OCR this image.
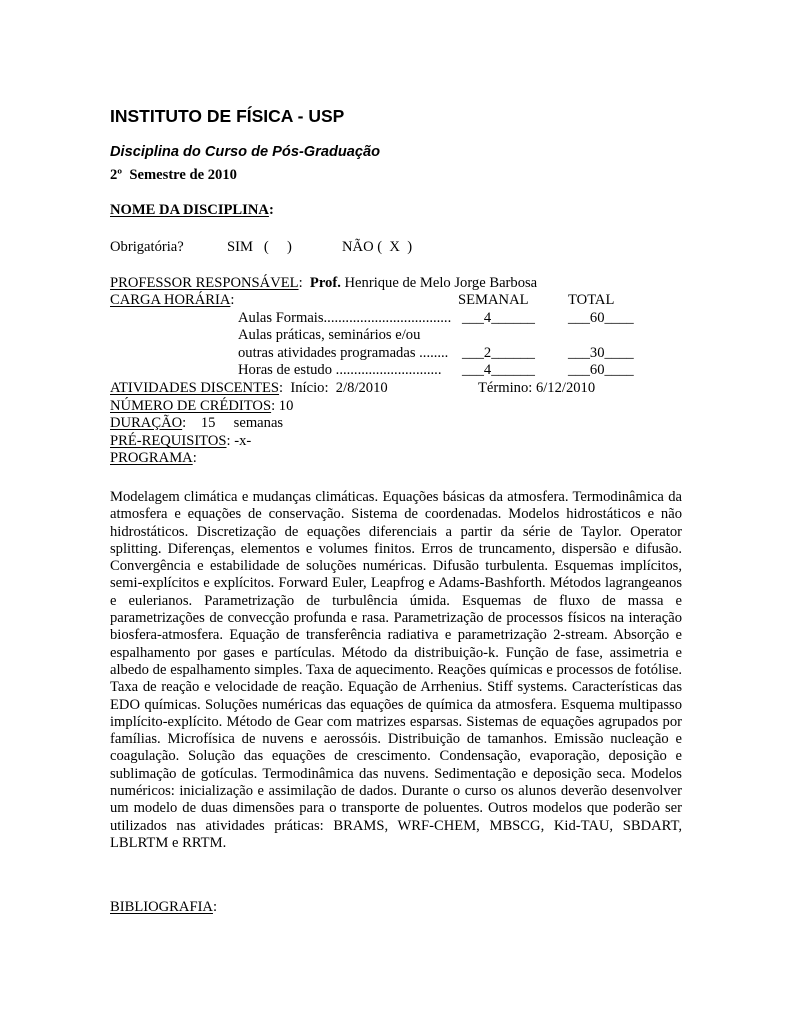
INSTITUTO DE FÍSICA - USP
Disciplina do Curso de Pós-Graduação
2º  Semestre de 2010
NOME DA DISCIPLINA:
Obrigatória?	SIM   (     )	NÃO (  X  )
PROFESSOR RESPONSÁVEL: Prof. Henrique de Melo Jorge Barbosa
CARGA HORÁRIA:	SEMANAL	TOTAL
Aulas Formais................................... ___4______ ___60____
Aulas práticas, seminários e/ou
outras atividades programadas ........ ___2______ ___30____
Horas de estudo ............................. ___4______ ___60____
ATIVIDADES DISCENTES:  Início:  2/8/2010	Término: 6/12/2010
NÚMERO DE CRÉDITOS: 10
DURAÇÃO:    15     semanas
PRÉ-REQUISITOS: -x-
PROGRAMA:
Modelagem climática e mudanças climáticas. Equações básicas da atmosfera. Termodinâmica da atmosfera e equações de conservação. Sistema de coordenadas. Modelos hidrostáticos e não hidrostáticos. Discretização de equações diferenciais a partir da série de Taylor. Operator splitting. Diferenças, elementos e volumes finitos. Erros de truncamento, dispersão e difusão. Convergência e estabilidade de soluções numéricas. Difusão turbulenta. Esquemas implícitos, semi-explícitos e explícitos. Forward Euler, Leapfrog e Adams-Bashforth. Métodos lagrangeanos e eulerianos. Parametrização de turbulência úmida. Esquemas de fluxo de massa e parametrizações de convecção profunda e rasa. Parametrização de processos físicos na interação biosfera-atmosfera. Equação de transferência radiativa e parametrização 2-stream. Absorção e espalhamento por gases e partículas. Método da distribuição-k. Função de fase, assimetria e albedo de espalhamento simples. Taxa de aquecimento. Reações químicas e processos de fotólise. Taxa de reação e velocidade de reação. Equação de Arrhenius. Stiff systems. Características das EDO químicas. Soluções numéricas das equações de química da atmosfera. Esquema multipasso implícito-explícito. Método de Gear com matrizes esparsas. Sistemas de equações agrupados por famílias. Microfísica de nuvens e aerossóis. Distribuição de tamanhos. Emissão nucleação e coagulação. Solução das equações de crescimento. Condensação, evaporação, deposição e sublimação de gotículas. Termodinâmica das nuvens. Sedimentação e deposição seca. Modelos numéricos: inicialização e assimilação de dados. Durante o curso os alunos deverão desenvolver um modelo de duas dimensões para o transporte de poluentes. Outros modelos que poderão ser utilizados nas atividades práticas: BRAMS, WRF-CHEM, MBSCG, Kid-TAU, SBDART, LBLRTM e RRTM.
BIBLIOGRAFIA:
